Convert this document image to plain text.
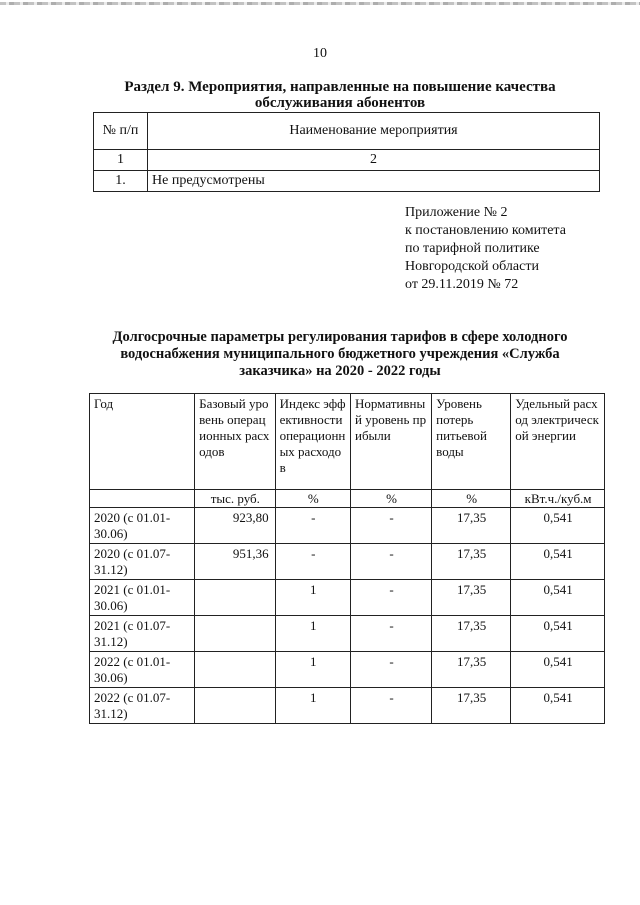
10
Раздел 9. Мероприятия, направленные на повышение качества
обслуживания абонентов
№ п/п	Наименование мероприятия
1	2
1.	Не предусмотрены
Приложение № 2
к постановлению комитета
по тарифной политике
Новгородской области
от 29.11.2019 № 72
Долгосрочные параметры регулирования тарифов в сфере холодного
водоснабжения муниципального бюджетного учреждения «Служба
заказчика» на 2020 - 2022 годы
Год	Базовый уровень операционных расходов	Индекс эффективности операционных расходов	Нормативный уровень прибыли	Уровень потерь питьевой воды	Удельный расход электрической энергии
	тыс. руб.	%	%	%	кВт.ч./куб.м
2020 (с 01.01-30.06)	923,80	-	-	17,35	0,541
2020 (с 01.07-31.12)	951,36	-	-	17,35	0,541
2021 (с 01.01-30.06)		1	-	17,35	0,541
2021 (с 01.07-31.12)		1	-	17,35	0,541
2022 (с 01.01-30.06)		1	-	17,35	0,541
2022 (с 01.07-31.12)		1	-	17,35	0,541
